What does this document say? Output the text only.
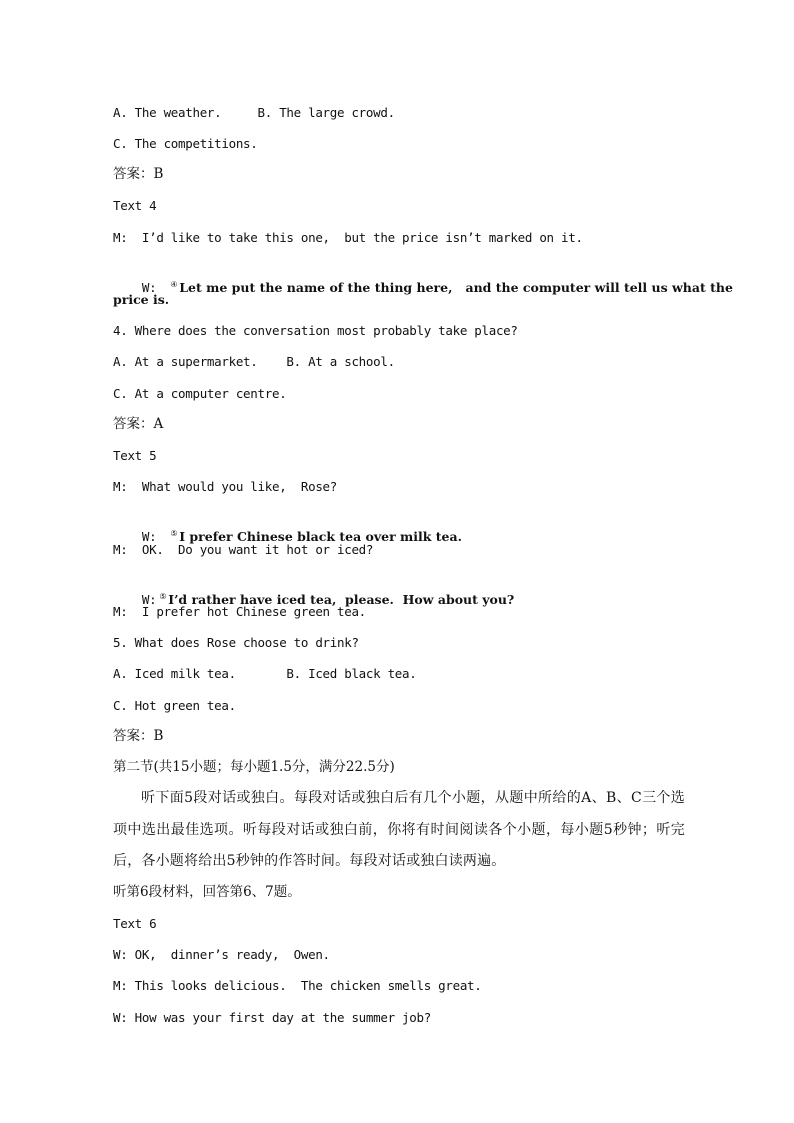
A. The weather.     B. The large crowd.
C. The competitions.
答案：B
Text 4
M:  I’d like to take this one,  but the price isn’t marked on it.

W: ④ Let me put the name of the thing here,   and the computer will tell us what the

price is.
4. Where does the conversation most probably take place?
A. At a supermarket.    B. At a school.
C. At a computer centre.
答案：A
Text 5
M:  What would you like,  Rose?

W: ⑤ I prefer Chinese black tea over milk tea.

M:  OK.  Do you want it hot or iced?

W: ⑤ I’d rather have iced tea,  please.  How about you?

M:  I prefer hot Chinese green tea.
5. What does Rose choose to drink?
A. Iced milk tea.       B. Iced black tea.
C. Hot green tea.
答案：B
第二节(共15小题；每小题1.5分，满分22.5分)
听下面5段对话或独白。每段对话或独白后有几个小题，从题中所给的A、B、C三个选项中选出最佳选项。听每段对话或独白前，你将有时间阅读各个小题，每小题5秒钟；听完后，各小题将给出5秒钟的作答时间。每段对话或独白读两遍。
听第6段材料，回答第6、7题。
Text 6
W: OK,  dinner’s ready,  Owen.
M: This looks delicious.  The chicken smells great.
W: How was your first day at the summer job?
